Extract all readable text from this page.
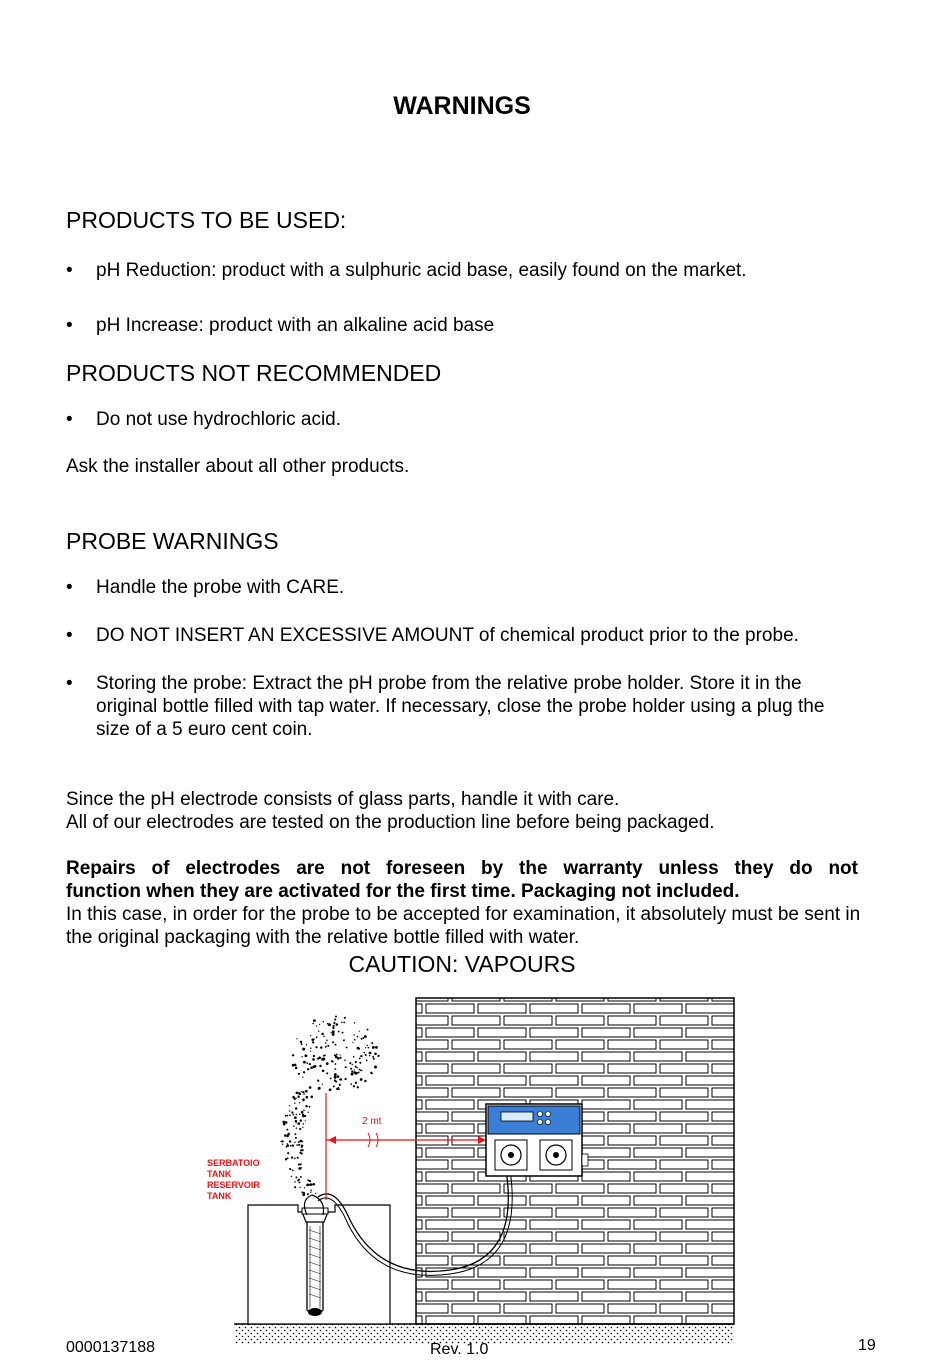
WARNINGS
PRODUCTS TO BE USED:
•	pH Reduction: product with a sulphuric acid base, easily found on the market.
•	pH Increase: product with an alkaline acid base
PRODUCTS NOT RECOMMENDED
•	Do not use hydrochloric acid.
Ask the installer about all other products.
PROBE WARNINGS
•	Handle the probe with CARE.
•	DO NOT INSERT AN EXCESSIVE AMOUNT of chemical product prior to the probe.
•	Storing the probe: Extract the pH probe from the relative probe holder. Store it in the original bottle filled with tap water. If necessary, close the probe holder using a plug the size of a 5 euro cent coin.
Since the pH electrode consists of glass parts, handle it with care.
All of our electrodes are tested on the production line before being packaged.
Repairs of electrodes are not foreseen by the warranty unless they do not
function when they are activated for the first time. Packaging not included.
In this case, in order for the probe to be accepted for examination, it absolutely must be sent in the original packaging with the relative bottle filled with water.
CAUTION: VAPOURS
2 mt
SERBATOIO
TANK
RESERVOIR
TANK
0000137188	Rev. 1.0	19
